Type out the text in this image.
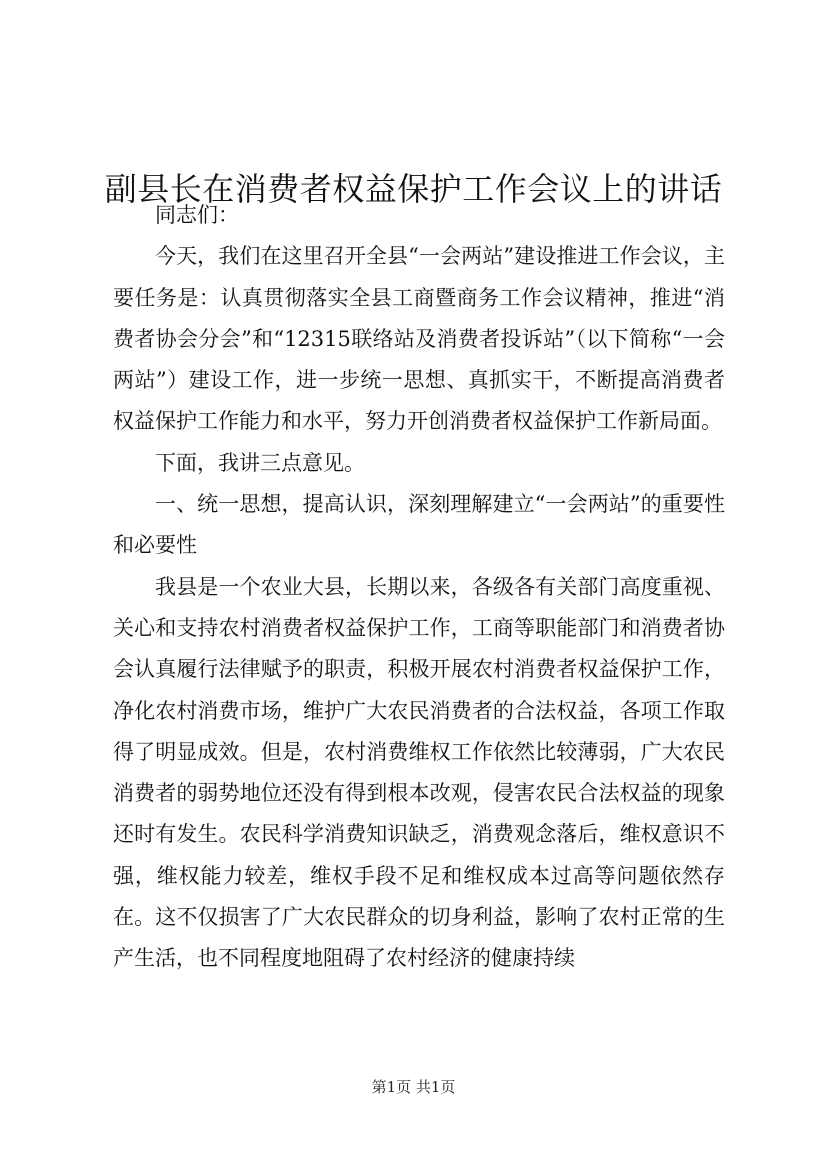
副县长在消费者权益保护工作会议上的讲话

同志们：

今天，我们在这里召开全县“一会两站”建设推进工作会议，主要任务是：认真贯彻落实全县工商暨商务工作会议精神，推进“消费者协会分会”和“12315联络站及消费者投诉站”（以下简称“一会两站”）建设工作，进一步统一思想、真抓实干，不断提高消费者权益保护工作能力和水平，努力开创消费者权益保护工作新局面。

下面，我讲三点意见。

一、统一思想，提高认识，深刻理解建立“一会两站”的重要性和必要性

我县是一个农业大县，长期以来，各级各有关部门高度重视、关心和支持农村消费者权益保护工作，工商等职能部门和消费者协会认真履行法律赋予的职责，积极开展农村消费者权益保护工作，净化农村消费市场，维护广大农民消费者的合法权益，各项工作取得了明显成效。但是，农村消费维权工作依然比较薄弱，广大农民消费者的弱势地位还没有得到根本改观，侵害农民合法权益的现象还时有发生。农民科学消费知识缺乏，消费观念落后，维权意识不强，维权能力较差，维权手段不足和维权成本过高等问题依然存在。这不仅损害了广大农民群众的切身利益，影响了农村正常的生产生活，也不同程度地阻碍了农村经济的健康持续

第1页 共1页
